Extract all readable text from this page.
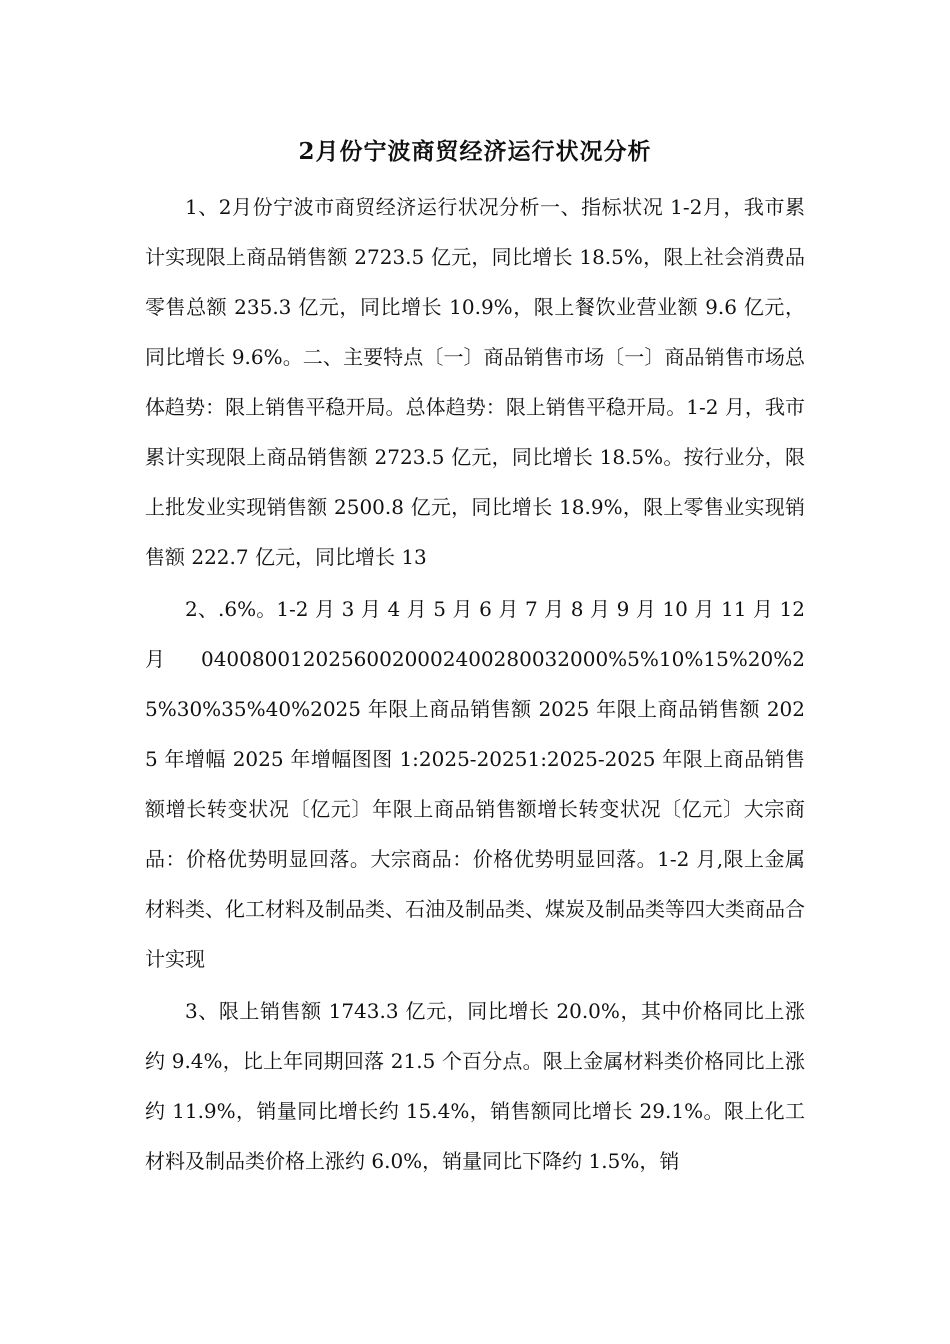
2月份宁波商贸经济运行状况分析

1、2月份宁波市商贸经济运行状况分析一、指标状况 1-2月，我市累计实现限上商品销售额 2723.5 亿元，同比增长 18.5%，限上社会消费品零售总额 235.3 亿元，同比增长 10.9%，限上餐饮业营业额 9.6 亿元，同比增长 9.6%。二、主要特点〔一〕商品销售市场〔一〕商品销售市场总体趋势：限上销售平稳开局。总体趋势：限上销售平稳开局。1-2 月，我市累计实现限上商品销售额 2723.5 亿元，同比增长 18.5%。按行业分，限上批发业实现销售额 2500.8 亿元，同比增长 18.9%，限上零售业实现销售额 222.7 亿元，同比增长 13

2、.6%。1-2 月 3 月 4 月 5 月 6 月 7 月 8 月 9 月 10 月 11 月 12 月 0400800120256002000240028003200​0%5%10%15%20%25%30%35%40%2025 年限上商品销售额 2025 年限上商品销售额 2025 年增幅 2025 年增幅图图 1:2025-20251:2025-2025 年限上商品销售额增长转变状况〔亿元〕年限上商品销售额增长转变状况〔亿元〕大宗商品：价格优势明显回落。大宗商品：价格优势明显回落。1-2 月,限上金属材料类、化工材料及制品类、石油及制品类、煤炭及制品类等四大类商品合计实现

3、限上销售额 1743.3 亿元，同比增长 20.0%，其中价格同比上涨约 9.4%，比上年同期回落 21.5 个百分点。限上金属材料类价格同比上涨约 11.9%，销量同比增长约 15.4%，销售额同比增长 29.1%。限上化工材料及制品类价格上涨约 6.0%，销量同比下降约 1.5%，销
